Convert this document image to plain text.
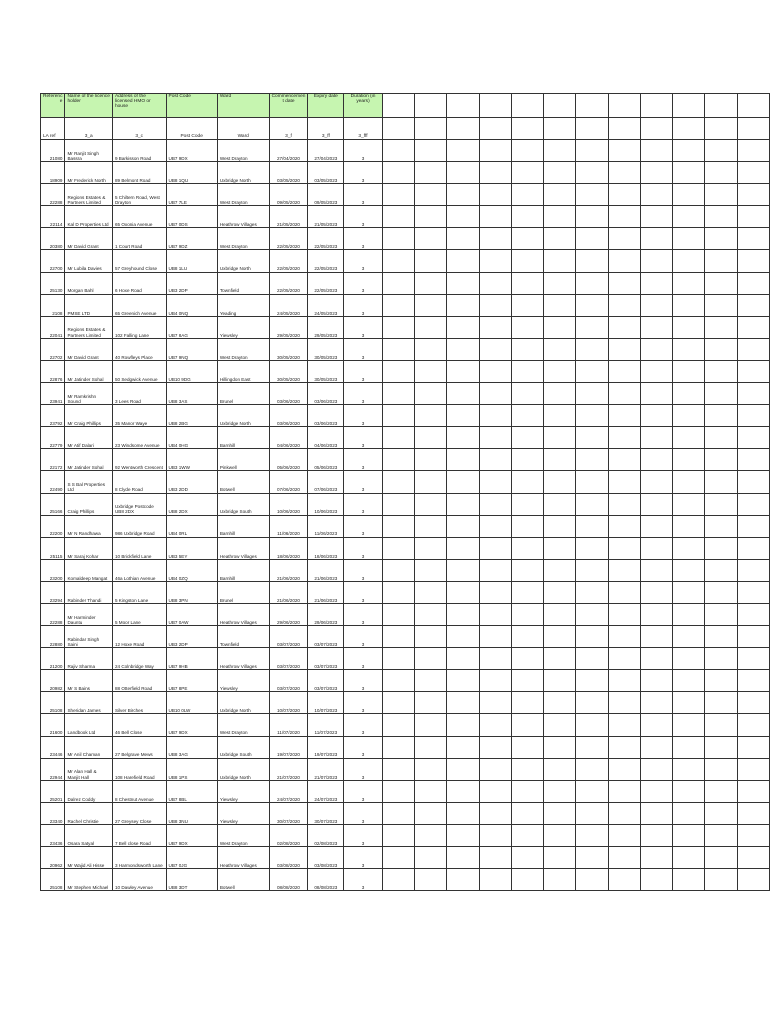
Referenc e	Name of the licence holder	Address of the licensed HMO or house	Post Code	Ward	Commencemen t date	Expiry date	Duration (in years)												
LA ref	3_a	3_c	Post Code	Ward	3_f	3_ff	3_fff												
21080	Mr Ranjit Singh Bassra	9 Barkisson Road	UB7 9DX	West Drayton	27/04/2020	27/04/2023	3												
18909	Mr Frederick North	89 Belmont Road	UB8 1QU	Uxbridge North	03/05/2020	03/05/2023	3												
22288	Regions Estates & Partners Limited	5 Chiltern Road, West Drayton	UB7 7LE	West Drayton	09/05/2020	09/05/2023	3												
22114	Kal D Properties Ltd	65 Oxonia Avenue	UB7 0DS	Heathrow Villages	21/05/2020	21/05/2023	3												
20380	Mr David Grant	1 Court Road	UB7 9DZ	West Drayton	22/05/2020	22/05/2023	3												
22700	Mr Lubila Davies	57 Greyhound Close	UB8 1LU	Uxbridge North	22/05/2020	22/05/2023	3												
25130	Morgan Bahl	6 Hoxe Road	UB3 2DP	Townfield	22/05/2020	22/05/2023	3												
2108	PMSE LTD	65 Greenich Avenue	UB4 0NQ	Yeading	24/05/2020	24/05/2023	3												
22041	Regions Estates & Partners Limited	102 Falling Lane	UB7 8AG	Yiewsley	29/05/2020	29/05/2023	3												
22702	Mr David Grant	40 Rowfleys Place	UB7 9NQ	West Drayton	30/05/2020	30/05/2023	3												
22876	Mr Jatinder Sohal	50 Sedgwick Avenue	UB10 9DG	Hillingdon East	30/05/2020	30/05/2023	3												
23941	Mr Ramkrishn Sound	3 Lees Road	UB8 3AS	Brunel	03/06/2020	03/06/2023	3												
23792	Mr Craig Phillips	35 Manor Waye	UB8 2BG	Uxbridge North	03/06/2020	03/06/2023	3												
22779	Mr Atif Dalari	23 Windsome Avenue	UB4 0HG	Barnhill	04/06/2020	04/06/2023	3												
22172	Mr Jatinder Sohal	92 Wentworth Crescent	UB3 1WW	Pinkwell	05/06/2020	05/06/2023	3												
22490	S S Bal Properties Ltd	8 Clyde Road	UB3 2DD	Botwell	07/06/2020	07/06/2023	3												
25166	Craig Phillips	Uxbridge Postcode UB8 2DX	UB8 2DX	Uxbridge South	10/06/2020	10/06/2023	3												
22200	Mr N Randhawa	986 Uxbridge Road	UB4 0RL	Barnhill	11/06/2020	11/06/2023	3												
25115	Mr Saraj Kohar	10 Brickfield Lane	UB3 5EY	Heathrow Villages	18/06/2020	18/06/2023	3												
23200	Komaldeep Mangat	46a Lothian Avenue	UB4 0ZQ	Barnhill	21/06/2020	21/06/2023	3												
23294	Rabinder Thandi	5 Kingston Lane	UB8 3PN	Brunel	21/06/2020	21/06/2023	3												
22288	Mr Harminder Dauntu	5 Moor Lane	UB7 0AW	Heathrow Villages	29/06/2020	29/06/2023	3												
22880	Rabindar Singh Saini	12 Hoxe Road	UB3 2DP	Townfield	03/07/2020	03/07/2023	3												
21200	Rajiv Sharma	24 Colnbridge Way	UB7 9HB	Heathrow Villages	03/07/2020	03/07/2023	3												
20982	Mr S Bains	88 Otterfield Road	UB7 8PE	Yiewsley	03/07/2020	03/07/2023	3												
25108	Sheridan James	Silver Birches	UB10 0LW	Uxbridge North	10/07/2020	10/07/2023	3												
21600	Landbook Ltd	46 Bell Close	UB7 9DX	West Drayton	11/07/2020	11/07/2023	3												
23446	Mr Anil Chaman	27 Belgrave Mews	UB8 3AG	Uxbridge South	19/07/2020	19/07/2023	3												
22944	Mr Alan Hall & Manjit Hall	108 Harefield Road	UB8 1PS	Uxbridge North	21/07/2020	21/07/2023	3												
25201	Dalrez Coddy	8 Chestnut Avenue	UB7 8BL	Yiewsley	24/07/2020	24/07/2023	3												
23340	Rachel Christie	27 Greysey Close	UB8 3NU	Yiewsley	30/07/2020	30/07/2023	3												
23436	Osara Satyal	7 Bell close Road	UB7 9DX	West Drayton	02/08/2020	02/08/2023	3												
20962	Mr Wajid Ali Hisse	3 Harmondsworth Lane	UB7 0JG	Heathrow Villages	03/08/2020	03/08/2023	3												
25108	Mr Stephen Michael	10 Dawley Avenue	UB8 3DT	Botwell	08/08/2020	08/08/2023	3												
